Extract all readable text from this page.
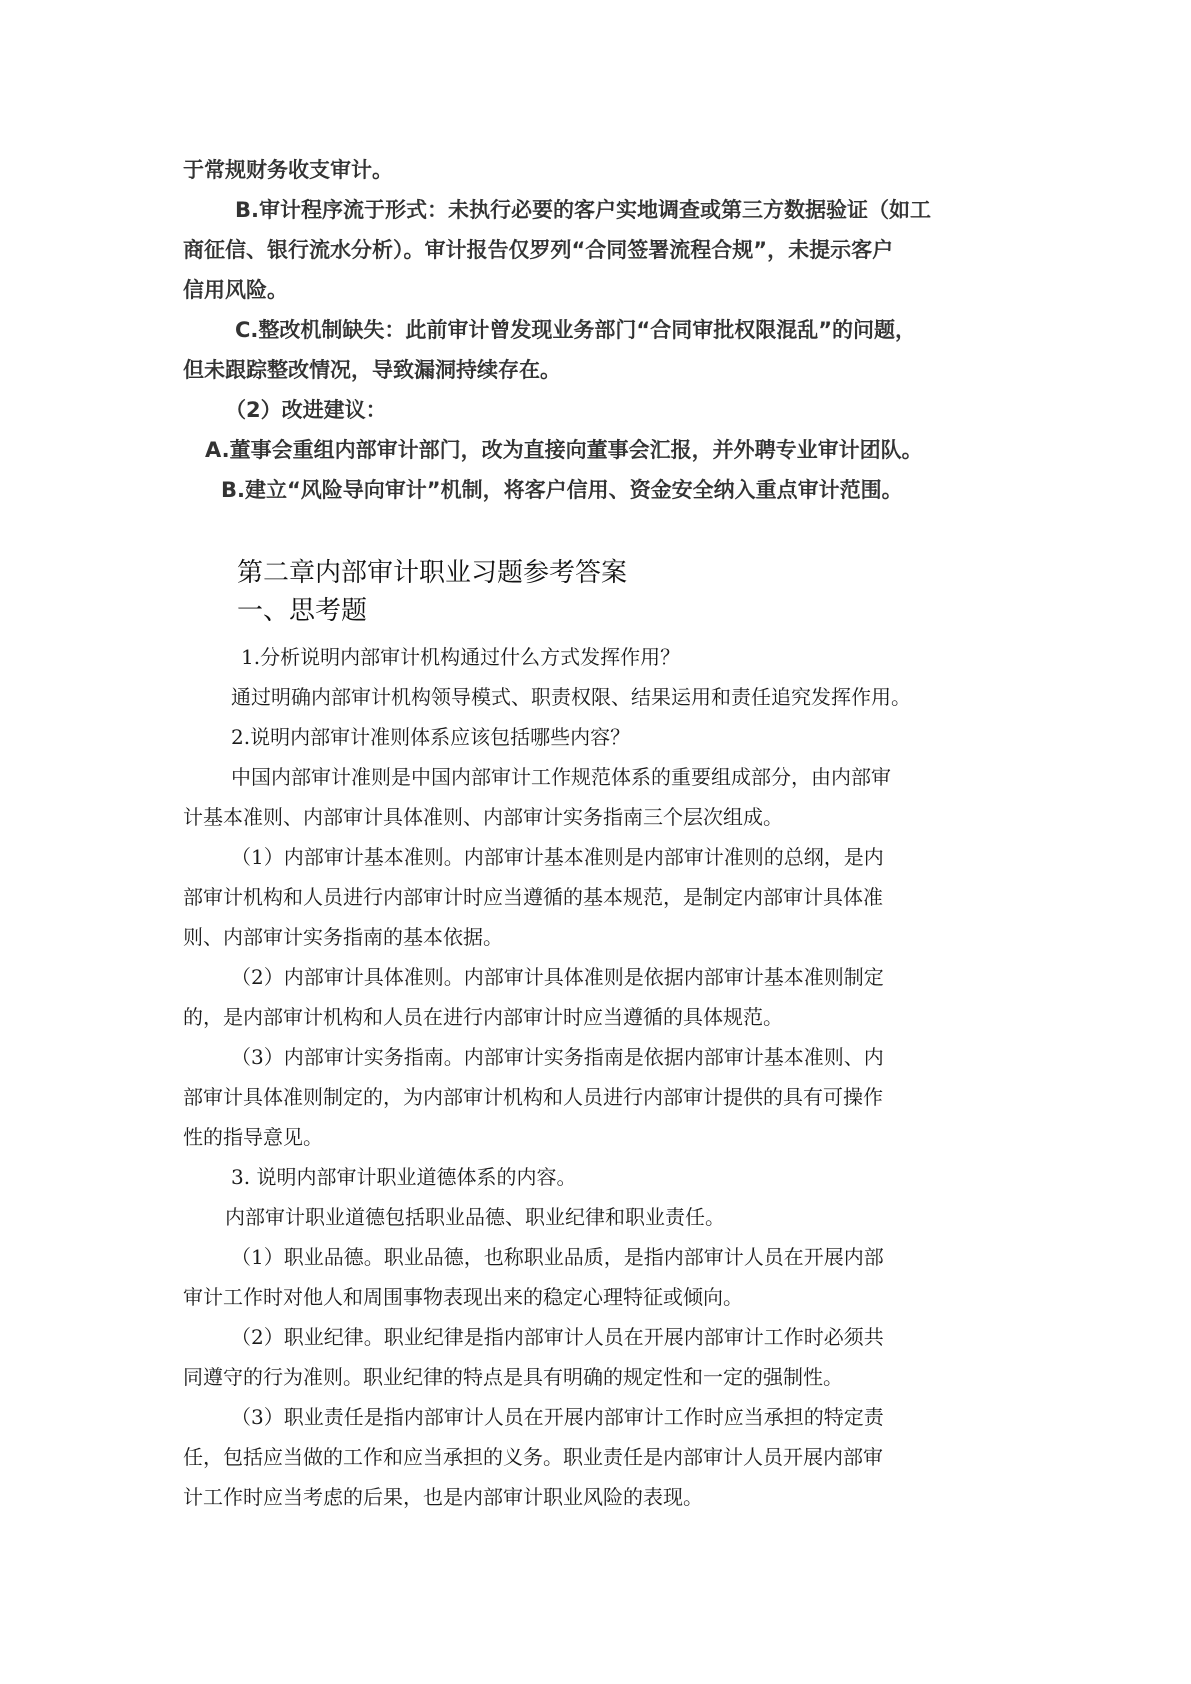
于常规财务收支审计。

B.审计程序流于形式：未执行必要的客户实地调查或第三方数据验证（如工

商征信、银行流水分析）。审计报告仅罗列“合同签署流程合规”，未提示客户

信用风险。

C.整改机制缺失：此前审计曾发现业务部门“合同审批权限混乱”的问题，

但未跟踪整改情况，导致漏洞持续存在。

（2）改进建议：

A.董事会重组内部审计部门，改为直接向董事会汇报，并外聘专业审计团队。

B.建立“风险导向审计”机制，将客户信用、资金安全纳入重点审计范围。

第二章内部审计职业习题参考答案
一、思考题

1.分析说明内部审计机构通过什么方式发挥作用？

通过明确内部审计机构领导模式、职责权限、结果运用和责任追究发挥作用。

2.说明内部审计准则体系应该包括哪些内容？

中国内部审计准则是中国内部审计工作规范体系的重要组成部分，由内部审

计基本准则、内部审计具体准则、内部审计实务指南三个层次组成。

（1）内部审计基本准则。内部审计基本准则是内部审计准则的总纲，是内

部审计机构和人员进行内部审计时应当遵循的基本规范，是制定内部审计具体准

则、内部审计实务指南的基本依据。

（2）内部审计具体准则。内部审计具体准则是依据内部审计基本准则制定

的，是内部审计机构和人员在进行内部审计时应当遵循的具体规范。

（3）内部审计实务指南。内部审计实务指南是依据内部审计基本准则、内

部审计具体准则制定的，为内部审计机构和人员进行内部审计提供的具有可操作

性的指导意见。

3. 说明内部审计职业道德体系的内容。

内部审计职业道德包括职业品德、职业纪律和职业责任。

（1）职业品德。职业品德，也称职业品质，是指内部审计人员在开展内部

审计工作时对他人和周围事物表现出来的稳定心理特征或倾向。

（2）职业纪律。职业纪律是指内部审计人员在开展内部审计工作时必须共

同遵守的行为准则。职业纪律的特点是具有明确的规定性和一定的强制性。

（3）职业责任是指内部审计人员在开展内部审计工作时应当承担的特定责

任，包括应当做的工作和应当承担的义务。职业责任是内部审计人员开展内部审

计工作时应当考虑的后果，也是内部审计职业风险的表现。
